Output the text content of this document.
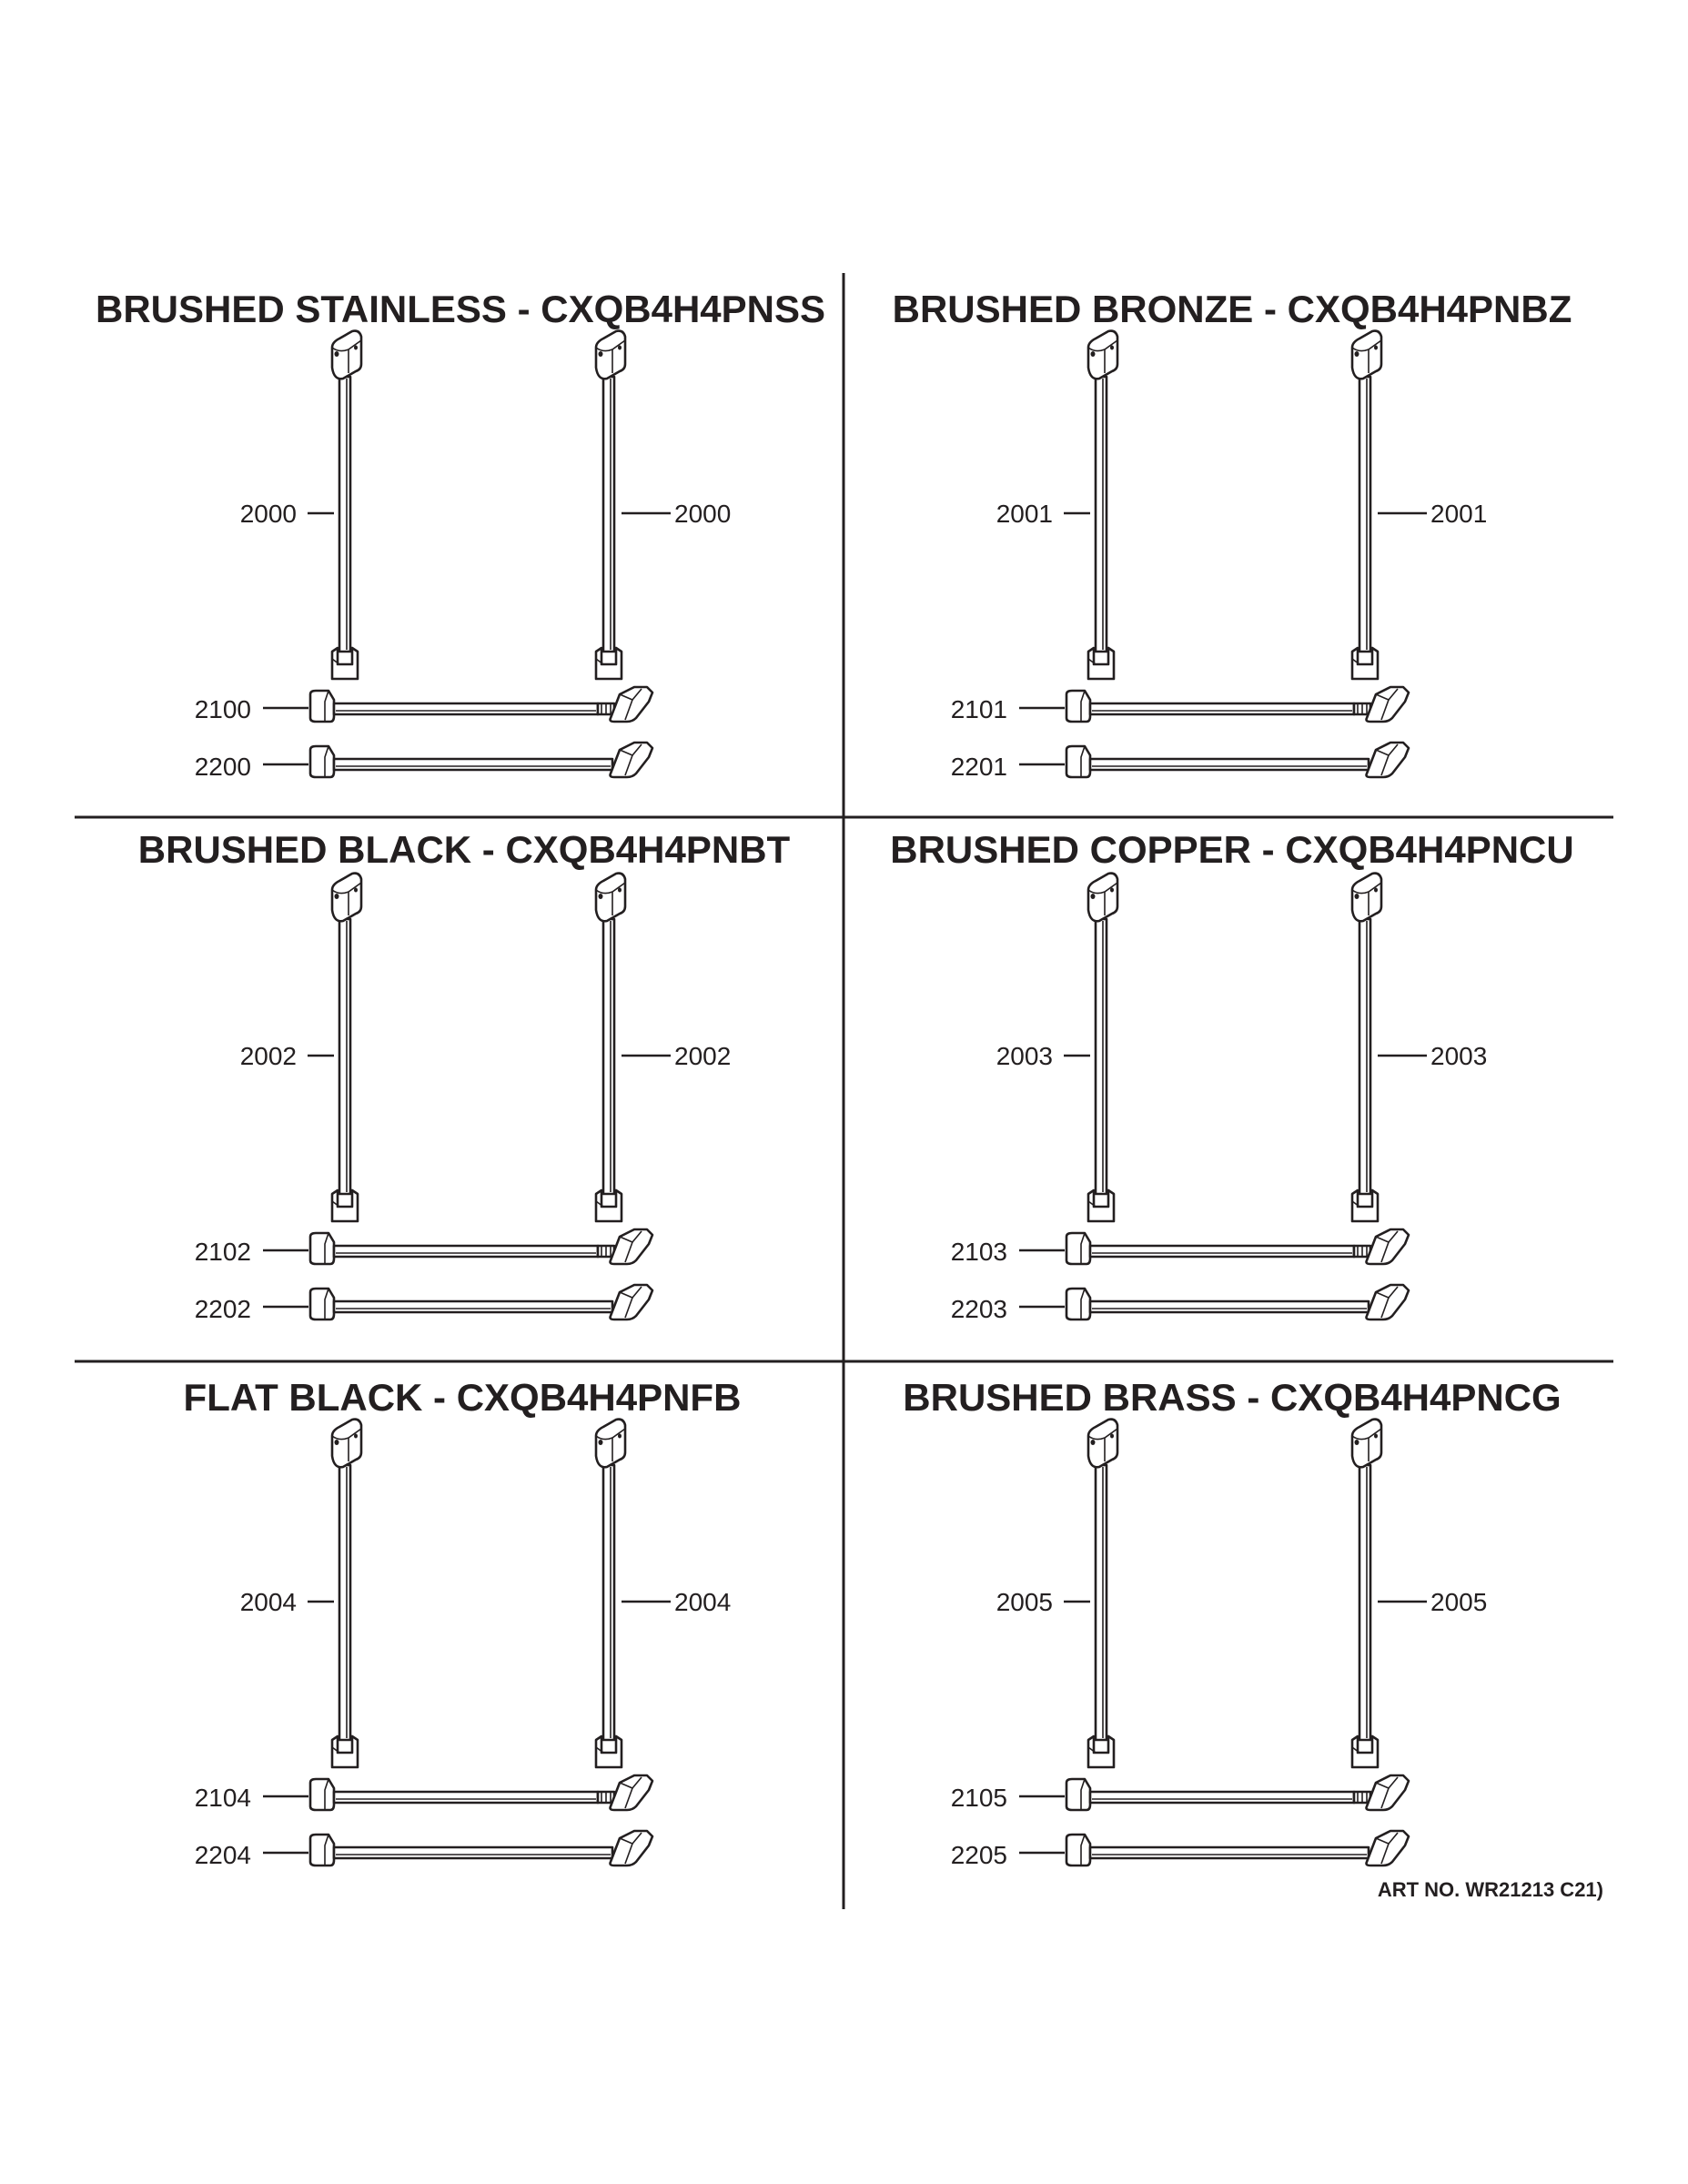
BRUSHED STAINLESS - CXQB4H4PNSS
2000	2000
2100
2200
BRUSHED BRONZE - CXQB4H4PNBZ
2001	2001
2101
2201
BRUSHED BLACK - CXQB4H4PNBT
2002	2002
2102
2202
BRUSHED COPPER - CXQB4H4PNCU
2003	2003
2103
2203
FLAT BLACK - CXQB4H4PNFB
2004	2004
2104
2204
BRUSHED BRASS - CXQB4H4PNCG
2005	2005
2105
2205
ART NO. WR21213 C21)
